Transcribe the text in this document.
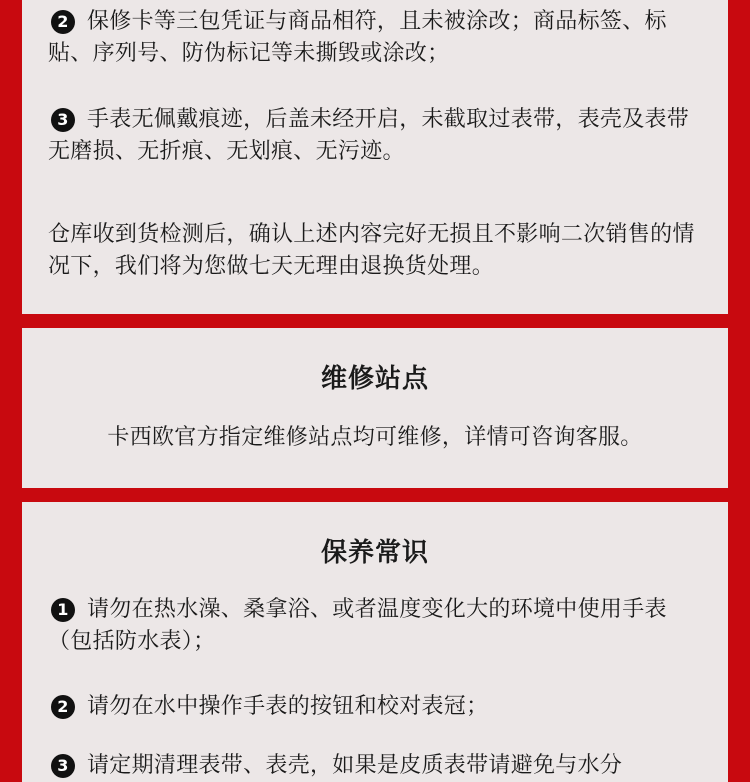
2 保修卡等三包凭证与商品相符，且未被涂改；商品标签、标贴、序列号、防伪标记等未撕毁或涂改；

3 手表无佩戴痕迹，后盖未经开启，未截取过表带，表壳及表带无磨损、无折痕、无划痕、无污迹。

仓库收到货检测后，确认上述内容完好无损且不影响二次销售的情况下，我们将为您做七天无理由退换货处理。

维修站点

卡西欧官方指定维修站点均可维修，详情可咨询客服。

保养常识

1 请勿在热水澡、桑拿浴、或者温度变化大的环境中使用手表（包括防水表）；

2 请勿在水中操作手表的按钮和校对表冠；

3 请定期清理表带、表壳，如果是皮质表带请避免与水分
